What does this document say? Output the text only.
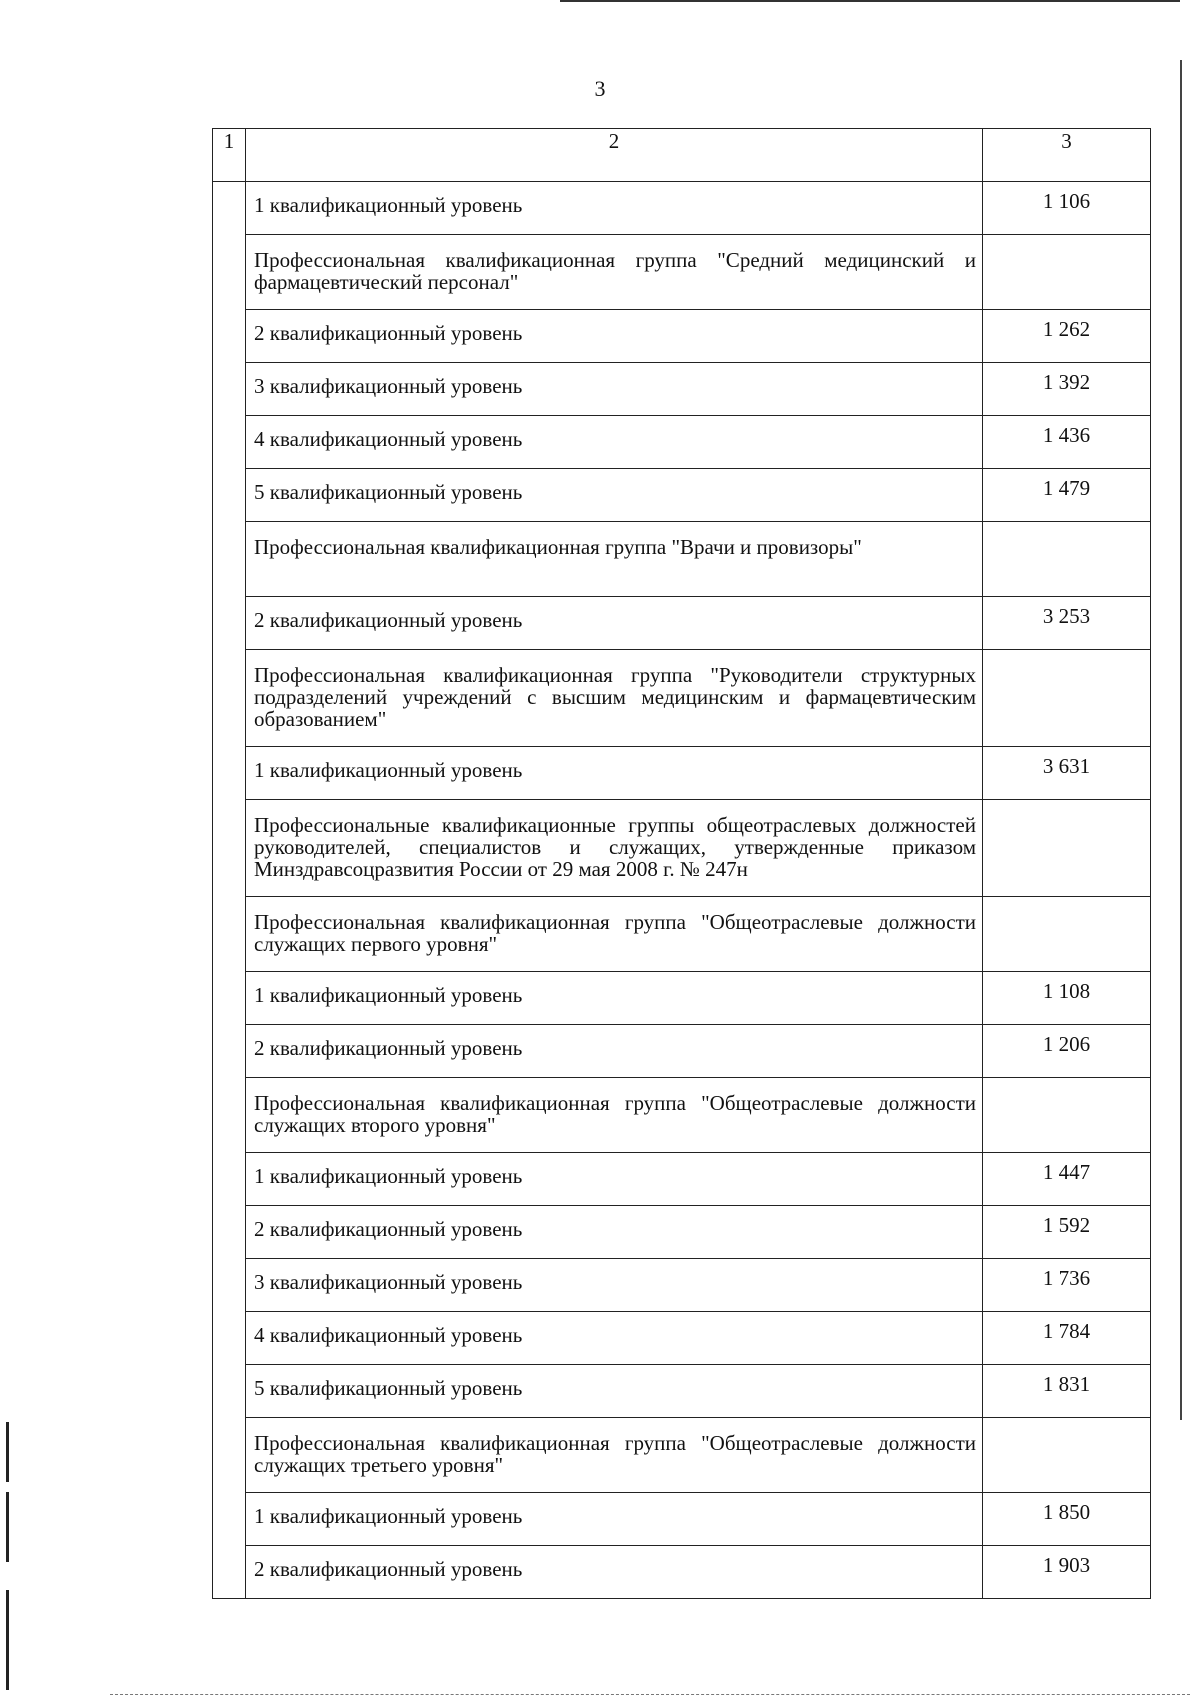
3
1	2	3
	1 квалификационный уровень	1 106
	Профессиональная квалификационная группа "Средний медицинский и фармацевтический персонал"	
	2 квалификационный уровень	1 262
	3 квалификационный уровень	1 392
	4 квалификационный уровень	1 436
	5 квалификационный уровень	1 479
	Профессиональная квалификационная группа "Врачи и провизоры"	
	2 квалификационный уровень	3 253
	Профессиональная квалификационная группа "Руководители структурных подразделений учреждений с высшим медицинским и фармацевтическим образованием"	
	1 квалификационный уровень	3 631
	Профессиональные квалификационные группы общеотраслевых должностей руководителей, специалистов и служащих, утвержденные приказом Минздравсоцразвития России от 29 мая 2008 г. № 247н	
	Профессиональная квалификационная группа "Общеотраслевые должности служащих первого уровня"	
	1 квалификационный уровень	1 108
	2 квалификационный уровень	1 206
	Профессиональная квалификационная группа "Общеотраслевые должности служащих второго уровня"	
	1 квалификационный уровень	1 447
	2 квалификационный уровень	1 592
	3 квалификационный уровень	1 736
	4 квалификационный уровень	1 784
	5 квалификационный уровень	1 831
	Профессиональная квалификационная группа "Общеотраслевые должности служащих третьего уровня"	
	1 квалификационный уровень	1 850
	2 квалификационный уровень	1 903
